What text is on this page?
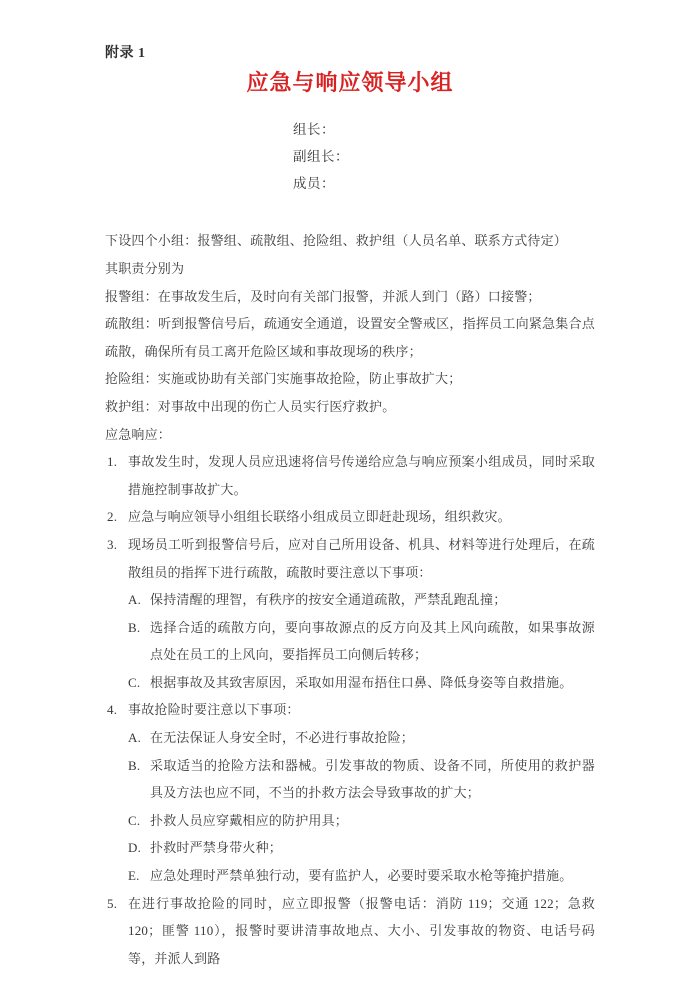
附录 1
应急与响应领导小组
组长：
副组长：
成员：

下设四个小组：报警组、疏散组、抢险组、救护组（人员名单、联系方式待定）

其职责分别为

报警组：在事故发生后，及时向有关部门报警，并派人到门（路）口接警；

疏散组：听到报警信号后，疏通安全通道，设置安全警戒区，指挥员工向紧急集合点疏散，确保所有员工离开危险区域和事故现场的秩序；

抢险组：实施或协助有关部门实施事故抢险，防止事故扩大；

救护组：对事故中出现的伤亡人员实行医疗救护。

应急响应：

1. 事故发生时，发现人员应迅速将信号传递给应急与响应预案小组成员，同时采取措施控制事故扩大。
2. 应急与响应领导小组组长联络小组成员立即赶赴现场，组织救灾。
3. 现场员工听到报警信号后，应对自己所用设备、机具、材料等进行处理后，在疏散组员的指挥下进行疏散，疏散时要注意以下事项：
A. 保持清醒的理智，有秩序的按安全通道疏散，严禁乱跑乱撞；
B. 选择合适的疏散方向，要向事故源点的反方向及其上风向疏散，如果事故源点处在员工的上风向，要指挥员工向侧后转移；
C. 根据事故及其致害原因，采取如用湿布捂住口鼻、降低身姿等自救措施。
4. 事故抢险时要注意以下事项：
A. 在无法保证人身安全时，不必进行事故抢险；
B. 采取适当的抢险方法和器械。引发事故的物质、设备不同，所使用的救护器具及方法也应不同，不当的扑救方法会导致事故的扩大；
C. 扑救人员应穿戴相应的防护用具；
D. 扑救时严禁身带火种；
E. 应急处理时严禁单独行动，要有监护人，必要时要采取水枪等掩护措施。
5. 在进行事故抢险的同时，应立即报警（报警电话：消防 119；交通 122；急救 120；匪警 110），报警时要讲清事故地点、大小、引发事故的物资、电话号码等，并派人到路
